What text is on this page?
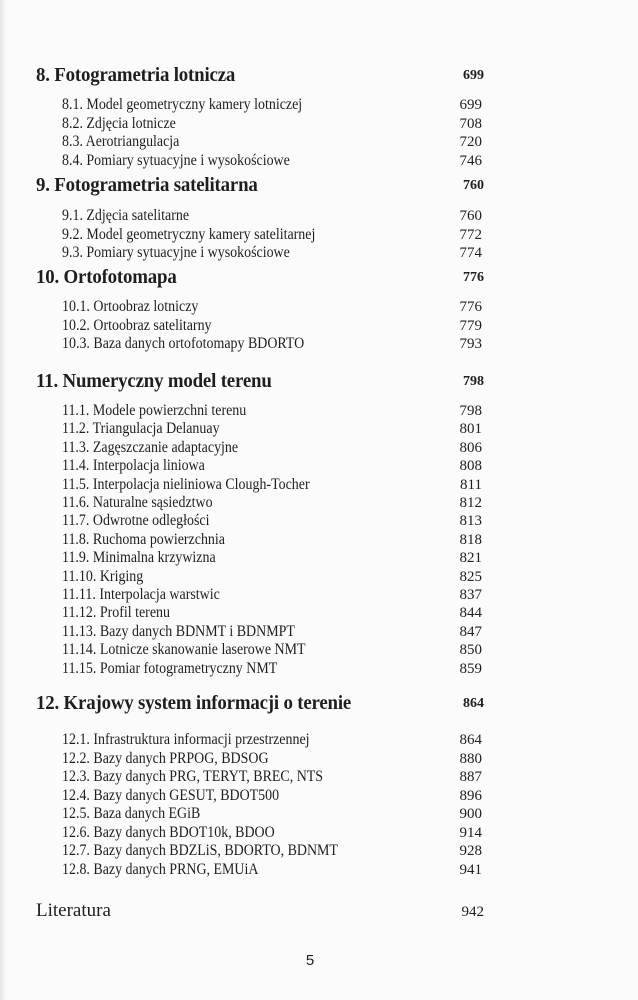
8. Fotogrametria lotnicza	699
8.1. Model geometryczny kamery lotniczej	699
8.2. Zdjęcia lotnicze	708
8.3. Aerotriangulacja	720
8.4. Pomiary sytuacyjne i wysokościowe	746
9. Fotogrametria satelitarna	760
9.1. Zdjęcia satelitarne	760
9.2. Model geometryczny kamery satelitarnej	772
9.3. Pomiary sytuacyjne i wysokościowe	774
10. Ortofotomapa	776
10.1. Ortoobraz lotniczy	776
10.2. Ortoobraz satelitarny	779
10.3. Baza danych ortofotomapy BDORTO	793
11. Numeryczny model terenu	798
11.1. Modele powierzchni terenu	798
11.2. Triangulacja Delanuay	801
11.3. Zagęszczanie adaptacyjne	806
11.4. Interpolacja liniowa	808
11.5. Interpolacja nieliniowa Clough-Tocher	811
11.6. Naturalne sąsiedztwo	812
11.7. Odwrotne odległości	813
11.8. Ruchoma powierzchnia	818
11.9. Minimalna krzywizna	821
11.10. Kriging	825
11.11. Interpolacja warstwic	837
11.12. Profil terenu	844
11.13. Bazy danych BDNMT i BDNMPT	847
11.14. Lotnicze skanowanie laserowe NMT	850
11.15. Pomiar fotogrametryczny NMT	859
12. Krajowy system informacji o terenie	864
12.1. Infrastruktura informacji przestrzennej	864
12.2. Bazy danych PRPOG, BDSOG	880
12.3. Bazy danych PRG, TERYT, BREC, NTS	887
12.4. Bazy danych GESUT, BDOT500	896
12.5. Baza danych EGiB	900
12.6. Bazy danych BDOT10k, BDOO	914
12.7. Bazy danych BDZLiS, BDORTO, BDNMT	928
12.8. Bazy danych PRNG, EMUiA	941
Literatura	942
5
